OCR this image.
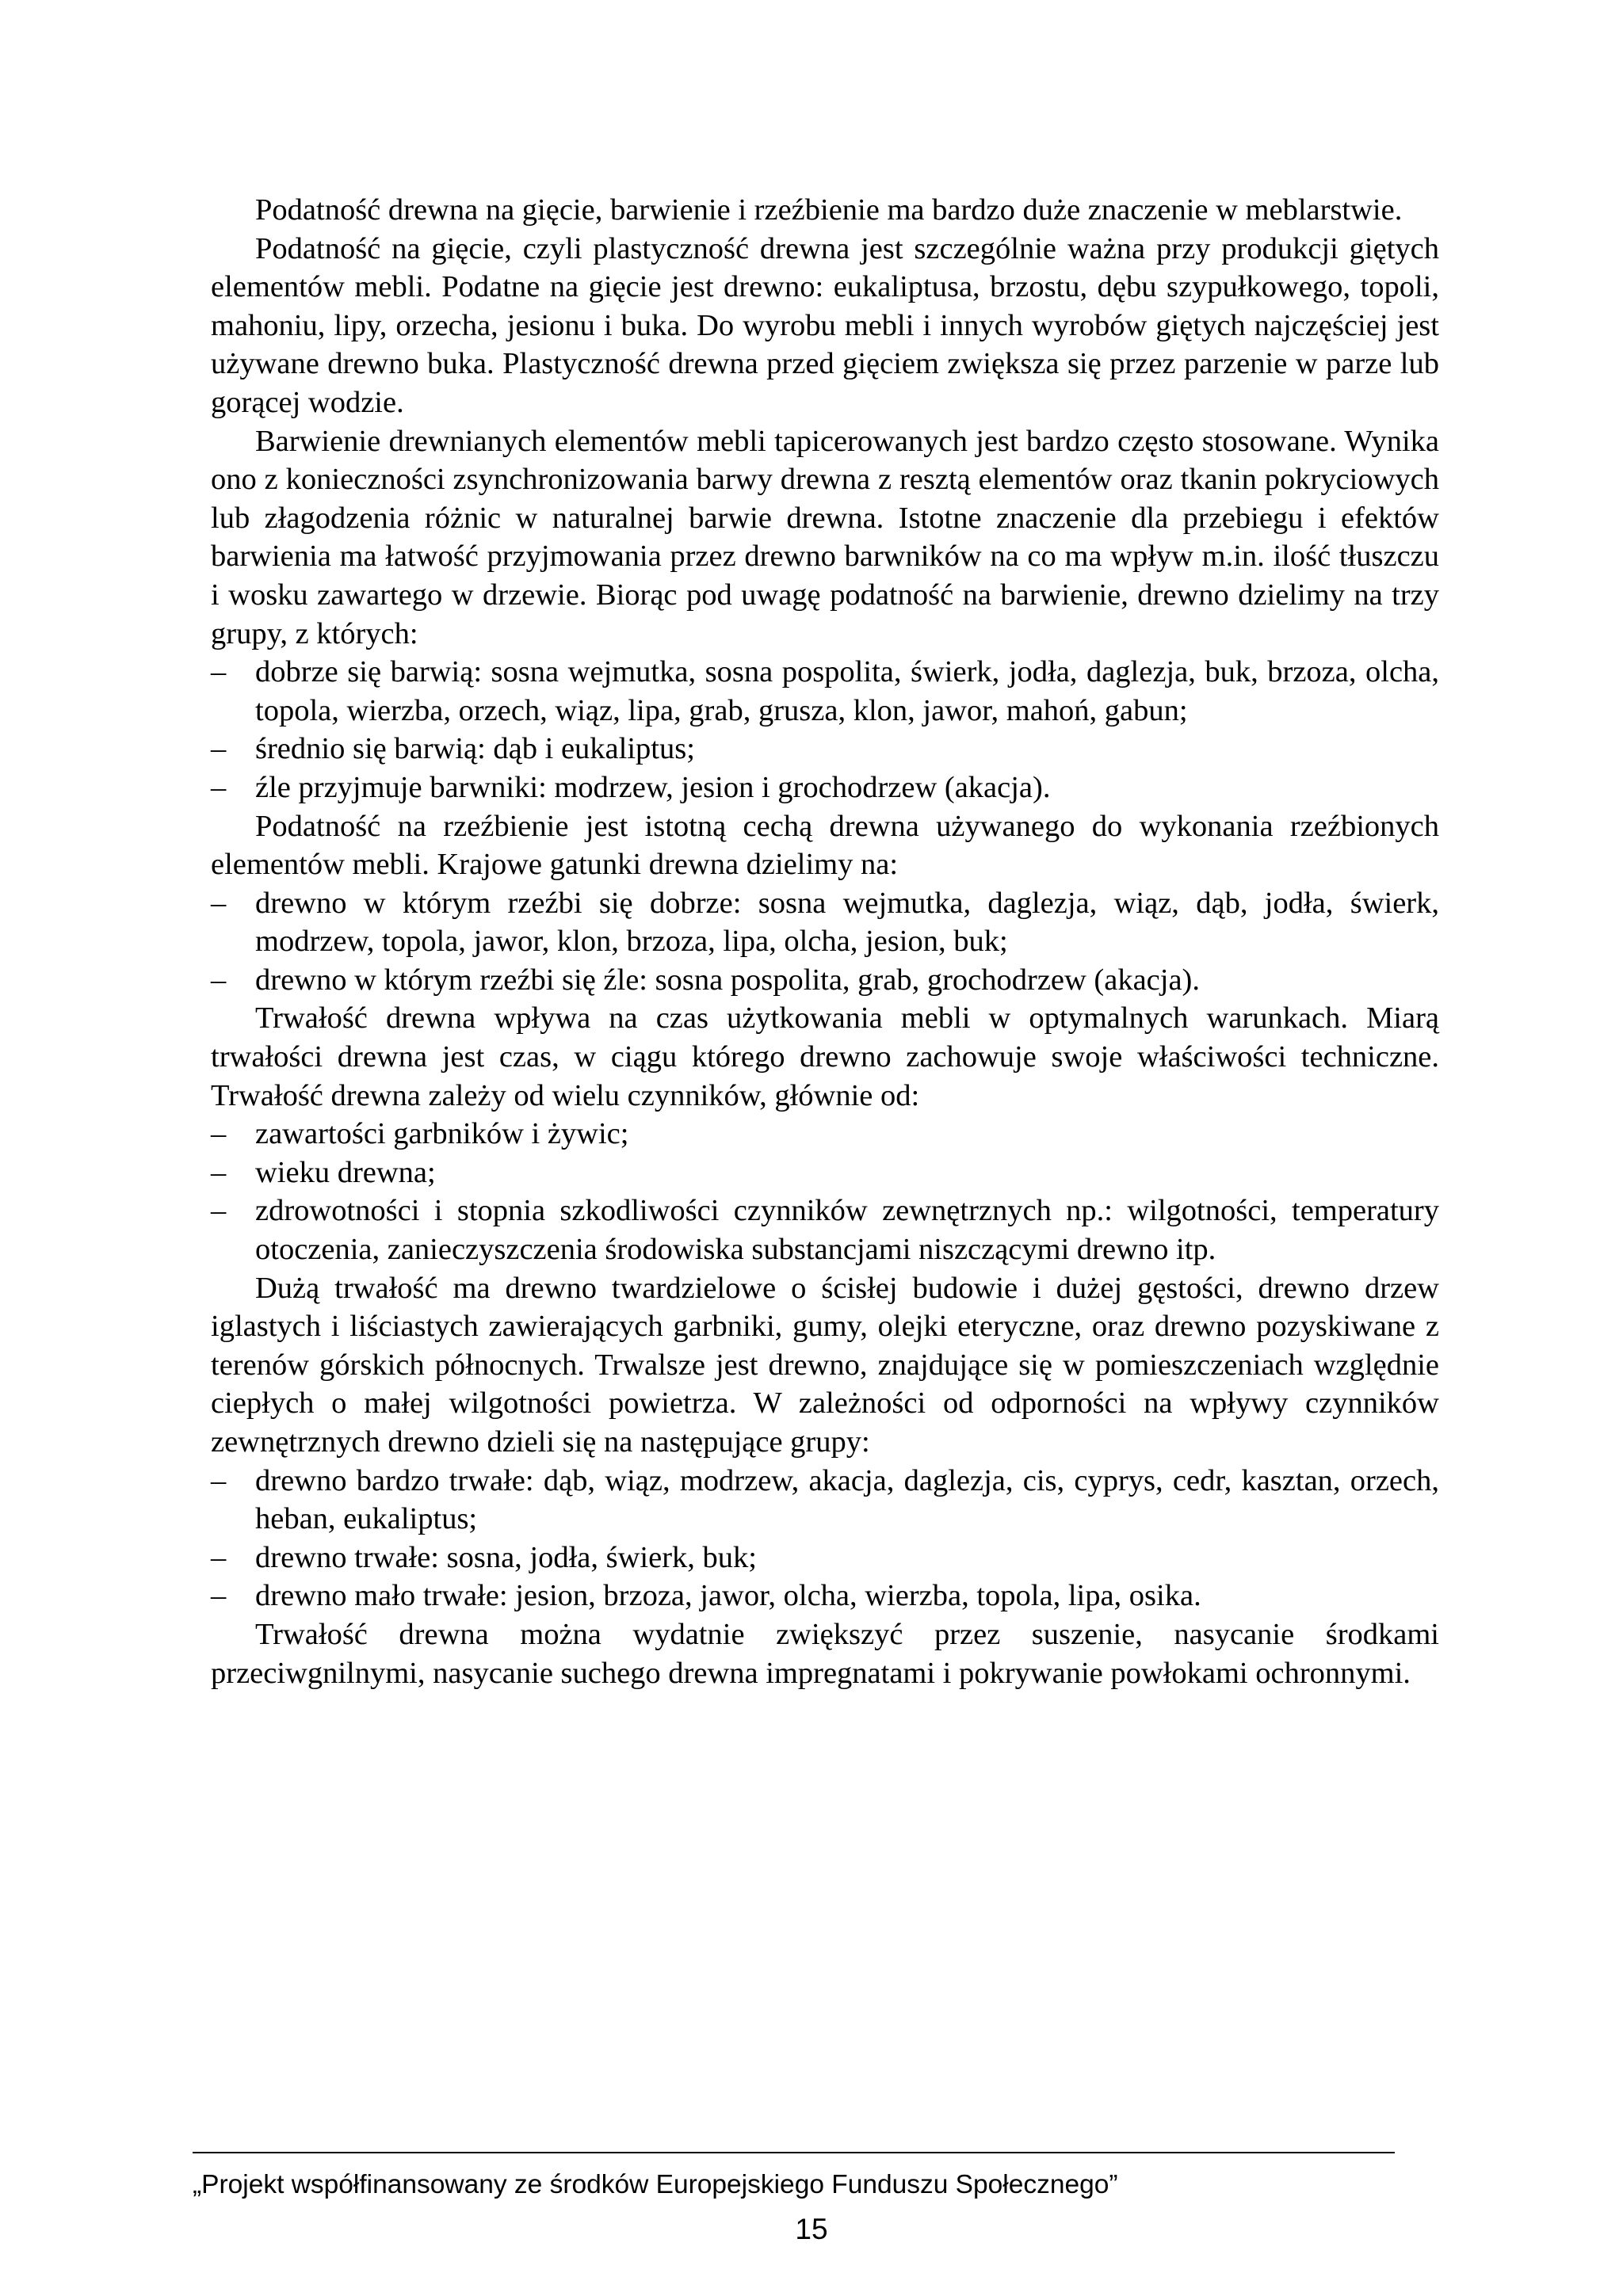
Podatność drewna na gięcie, barwienie i rzeźbienie ma bardzo duże znaczenie w meblarstwie.

Podatność na gięcie, czyli plastyczność drewna jest szczególnie ważna przy produkcji giętych elementów mebli. Podatne na gięcie jest drewno: eukaliptusa, brzostu, dębu szypułkowego, topoli, mahoniu, lipy, orzecha, jesionu i buka. Do wyrobu mebli i innych wyrobów giętych najczęściej jest używane drewno buka. Plastyczność drewna przed gięciem zwiększa się przez parzenie w parze lub gorącej wodzie.

Barwienie drewnianych elementów mebli tapicerowanych jest bardzo często stosowane. Wynika ono z konieczności zsynchronizowania barwy drewna z resztą elementów oraz tkanin pokryciowych lub złagodzenia różnic w naturalnej barwie drewna. Istotne znaczenie dla przebiegu i efektów barwienia ma łatwość przyjmowania przez drewno barwników na co ma wpływ m.in. ilość tłuszczu i wosku zawartego w drzewie. Biorąc pod uwagę podatność na barwienie, drewno dzielimy na trzy grupy, z których:

– dobrze się barwią: sosna wejmutka, sosna pospolita, świerk, jodła, daglezja, buk, brzoza, olcha, topola, wierzba, orzech, wiąz, lipa, grab, grusza, klon, jawor, mahoń, gabun;
– średnio się barwią: dąb i eukaliptus;
– źle przyjmuje barwniki: modrzew, jesion i grochodrzew (akacja).

Podatność na rzeźbienie jest istotną cechą drewna używanego do wykonania rzeźbionych elementów mebli. Krajowe gatunki drewna dzielimy na:

– drewno w którym rzeźbi się dobrze: sosna wejmutka, daglezja, wiąz, dąb, jodła, świerk, modrzew, topola, jawor, klon, brzoza, lipa, olcha, jesion, buk;
– drewno w którym rzeźbi się źle: sosna pospolita, grab, grochodrzew (akacja).

Trwałość drewna wpływa na czas użytkowania mebli w optymalnych warunkach. Miarą trwałości drewna jest czas, w ciągu którego drewno zachowuje swoje właściwości techniczne. Trwałość drewna zależy od wielu czynników, głównie od:

– zawartości garbników i żywic;
– wieku drewna;
– zdrowotności i stopnia szkodliwości czynników zewnętrznych np.: wilgotności, temperatury otoczenia, zanieczyszczenia środowiska substancjami niszczącymi drewno itp.

Dużą trwałość ma drewno twardzielowe o ścisłej budowie i dużej gęstości, drewno drzew iglastych i liściastych zawierających garbniki, gumy, olejki eteryczne, oraz drewno pozyskiwane z terenów górskich północnych. Trwalsze jest drewno, znajdujące się w pomieszczeniach względnie ciepłych o małej wilgotności powietrza. W zależności od odporności na wpływy czynników zewnętrznych drewno dzieli się na następujące grupy:

– drewno bardzo trwałe: dąb, wiąz, modrzew, akacja, daglezja, cis, cyprys, cedr, kasztan, orzech, heban, eukaliptus;
– drewno trwałe: sosna, jodła, świerk, buk;
– drewno mało trwałe: jesion, brzoza, jawor, olcha, wierzba, topola, lipa, osika.

Trwałość drewna można wydatnie zwiększyć przez suszenie, nasycanie środkami przeciwgnilnymi, nasycanie suchego drewna impregnatami i pokrywanie powłokami ochronnymi.

„Projekt współfinansowany ze środków Europejskiego Funduszu Społecznego”
15
